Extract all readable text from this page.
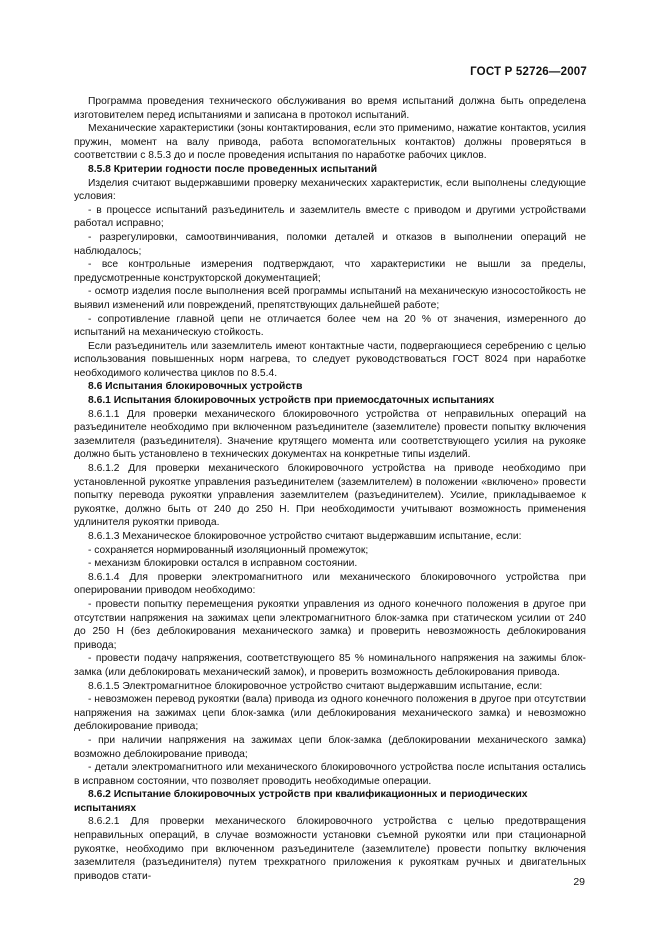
ГОСТ Р 52726—2007

Программа проведения технического обслуживания во время испытаний должна быть определена изготовителем перед испытаниями и записана в протокол испытаний.

Механические характеристики (зоны контактирования, если это применимо, нажатие контактов, усилия пружин, момент на валу привода, работа вспомогательных контактов) должны проверяться в соответствии с 8.5.3 до и после проведения испытания по наработке рабочих циклов.

8.5.8 Критерии годности после проведенных испытаний

Изделия считают выдержавшими проверку механических характеристик, если выполнены следующие условия:

- в процессе испытаний разъединитель и заземлитель вместе с приводом и другими устройствами работал исправно;

- разрегулировки, самоотвинчивания, поломки деталей и отказов в выполнении операций не наблюдалось;

- все контрольные измерения подтверждают, что характеристики не вышли за пределы, предусмотренные конструкторской документацией;

- осмотр изделия после выполнения всей программы испытаний на механическую износостойкость не выявил изменений или повреждений, препятствующих дальнейшей работе;

- сопротивление главной цепи не отличается более чем на 20 % от значения, измеренного до испытаний на механическую стойкость.

Если разъединитель или заземлитель имеют контактные части, подвергающиеся серебрению с целью использования повышенных норм нагрева, то следует руководствоваться ГОСТ 8024 при наработке необходимого количества циклов по 8.5.4.

8.6 Испытания блокировочных устройств

8.6.1 Испытания блокировочных устройств при приемосдаточных испытаниях

8.6.1.1 Для проверки механического блокировочного устройства от неправильных операций на разъединителе необходимо при включенном разъединителе (заземлителе) провести попытку включения заземлителя (разъединителя). Значение крутящего момента или соответствующего усилия на рукояке должно быть установлено в технических документах на конкретные типы изделий.

8.6.1.2 Для проверки механического блокировочного устройства на приводе необходимо при установленной рукоятке управления разъединителем (заземлителем) в положении «включено» провести попытку перевода рукоятки управления заземлителем (разъединителем). Усилие, прикладываемое к рукоятке, должно быть от 240 до 250 Н. При необходимости учитывают возможность применения удлинителя рукоятки привода.

8.6.1.3 Механическое блокировочное устройство считают выдержавшим испытание, если:

- сохраняется нормированный изоляционный промежуток;

- механизм блокировки остался в исправном состоянии.

8.6.1.4 Для проверки электромагнитного или механического блокировочного устройства при оперировании приводом необходимо:

- провести попытку перемещения рукоятки управления из одного конечного положения в другое при отсутствии напряжения на зажимах цепи электромагнитного блок-замка при статическом усилии от 240 до 250 Н (без деблокирования механического замка) и проверить невозможность деблокирования привода;

- провести подачу напряжения, соответствующего 85 % номинального напряжения на зажимы блок-замка (или деблокировать механический замок), и проверить возможность деблокирования привода.

8.6.1.5 Электромагнитное блокировочное устройство считают выдержавшим испытание, если:

- невозможен перевод рукоятки (вала) привода из одного конечного положения в другое при отсутствии напряжения на зажимах цепи блок-замка (или деблокирования механического замка) и невозможно деблокирование привода;

- при наличии напряжения на зажимах цепи блок-замка (деблокировании механического замка) возможно деблокирование привода;

- детали электромагнитного или механического блокировочного устройства после испытания остались в исправном состоянии, что позволяет проводить необходимые операции.

8.6.2 Испытание блокировочных устройств при квалификационных и периодических испытаниях

8.6.2.1 Для проверки механического блокировочного устройства с целью предотвращения неправильных операций, в случае возможности установки съемной рукоятки или при стационарной рукоятке, необходимо при включенном разъединителе (заземлителе) провести попытку включения заземлителя (разъединителя) путем трехкратного приложения к рукояткам ручных и двигательных приводов стати-	29
